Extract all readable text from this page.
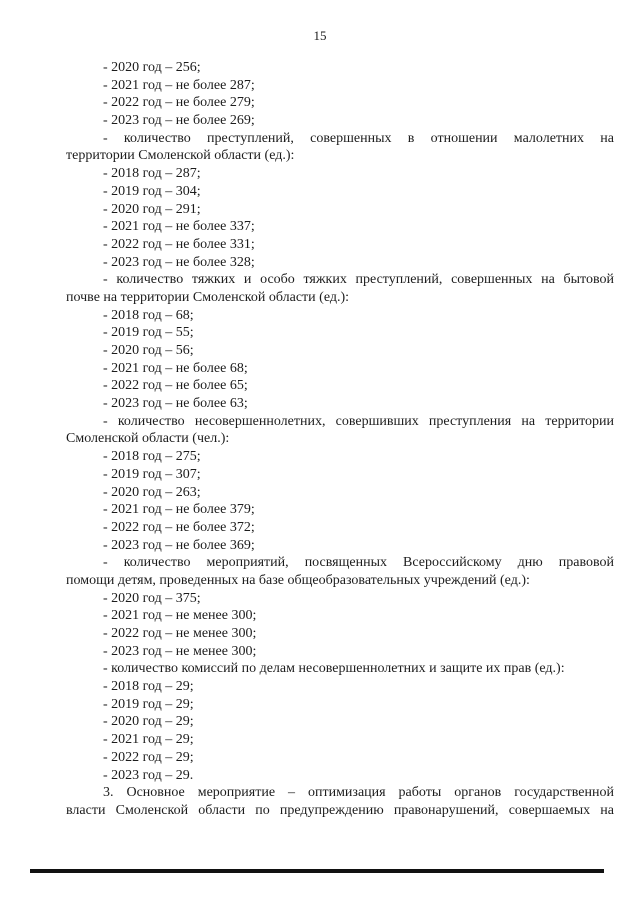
15
- 2020 год – 256;
- 2021 год – не более 287;
- 2022 год – не более 279;
- 2023 год – не более 269;
- количество преступлений, совершенных в отношении малолетних на
территории Смоленской области (ед.):
- 2018 год – 287;
- 2019 год – 304;
- 2020 год – 291;
- 2021 год – не более 337;
- 2022 год – не более 331;
- 2023 год – не более 328;
- количество тяжких и особо тяжких преступлений, совершенных на бытовой
почве на территории Смоленской области (ед.):
- 2018 год – 68;
- 2019 год – 55;
- 2020 год – 56;
- 2021 год – не более 68;
- 2022 год – не более 65;
- 2023 год – не более 63;
- количество несовершеннолетних, совершивших преступления на территории
Смоленской области (чел.):
- 2018 год – 275;
- 2019 год – 307;
- 2020 год – 263;
- 2021 год – не более 379;
- 2022 год – не более 372;
- 2023 год – не более 369;
- количество мероприятий, посвященных Всероссийскому дню правовой
помощи детям, проведенных на базе общеобразовательных учреждений (ед.):
- 2020 год – 375;
- 2021 год – не менее 300;
- 2022 год – не менее 300;
- 2023 год – не менее 300;
- количество комиссий по делам несовершеннолетних и защите их прав (ед.):
- 2018 год – 29;
- 2019 год – 29;
- 2020 год – 29;
- 2021 год – 29;
- 2022 год – 29;
- 2023 год – 29.
3. Основное мероприятие – оптимизация работы органов государственной
власти Смоленской области по предупреждению правонарушений, совершаемых на
